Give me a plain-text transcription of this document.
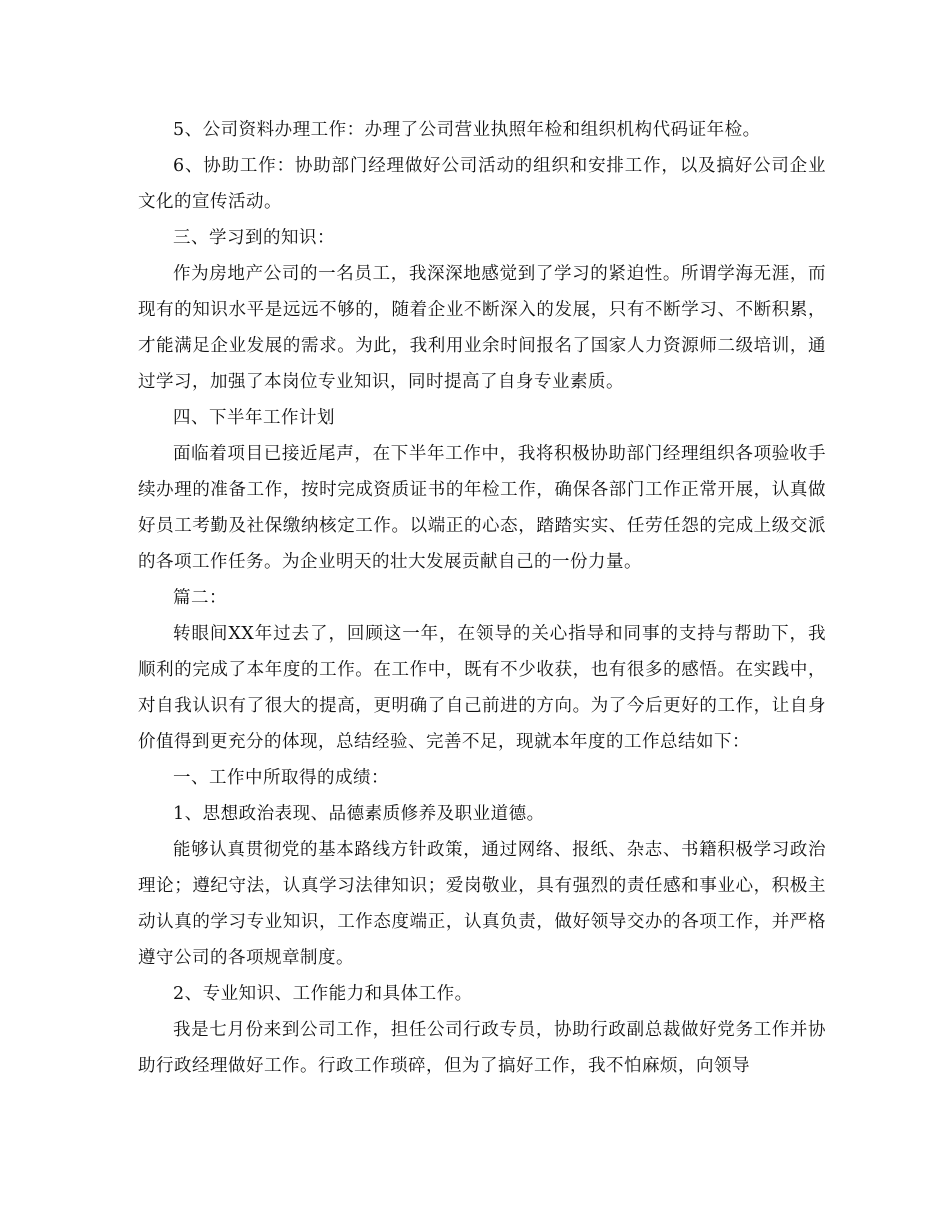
5、公司资料办理工作：办理了公司营业执照年检和组织机构代码证年检。

6、协助工作：协助部门经理做好公司活动的组织和安排工作，以及搞好公司企业文化的宣传活动。

三、学习到的知识：

作为房地产公司的一名员工，我深深地感觉到了学习的紧迫性。所谓学海无涯，而现有的知识水平是远远不够的，随着企业不断深入的发展，只有不断学习、不断积累，才能满足企业发展的需求。为此，我利用业余时间报名了国家人力资源师二级培训，通过学习，加强了本岗位专业知识，同时提高了自身专业素质。

四、下半年工作计划

面临着项目已接近尾声，在下半年工作中，我将积极协助部门经理组织各项验收手续办理的准备工作，按时完成资质证书的年检工作，确保各部门工作正常开展，认真做好员工考勤及社保缴纳核定工作。以端正的心态，踏踏实实、任劳任怨的完成上级交派的各项工作任务。为企业明天的壮大发展贡献自己的一份力量。

篇二：

转眼间XX年过去了，回顾这一年，在领导的关心指导和同事的支持与帮助下，我顺利的完成了本年度的工作。在工作中，既有不少收获，也有很多的感悟。在实践中，对自我认识有了很大的提高，更明确了自己前进的方向。为了今后更好的工作，让自身价值得到更充分的体现，总结经验、完善不足，现就本年度的工作总结如下：

一、工作中所取得的成绩：

1、思想政治表现、品德素质修养及职业道德。

能够认真贯彻党的基本路线方针政策，通过网络、报纸、杂志、书籍积极学习政治理论；遵纪守法，认真学习法律知识；爱岗敬业，具有强烈的责任感和事业心，积极主动认真的学习专业知识，工作态度端正，认真负责，做好领导交办的各项工作，并严格遵守公司的各项规章制度。

2、专业知识、工作能力和具体工作。

我是七月份来到公司工作，担任公司行政专员，协助行政副总裁做好党务工作并协助行政经理做好工作。行政工作琐碎，但为了搞好工作，我不怕麻烦，向领导
